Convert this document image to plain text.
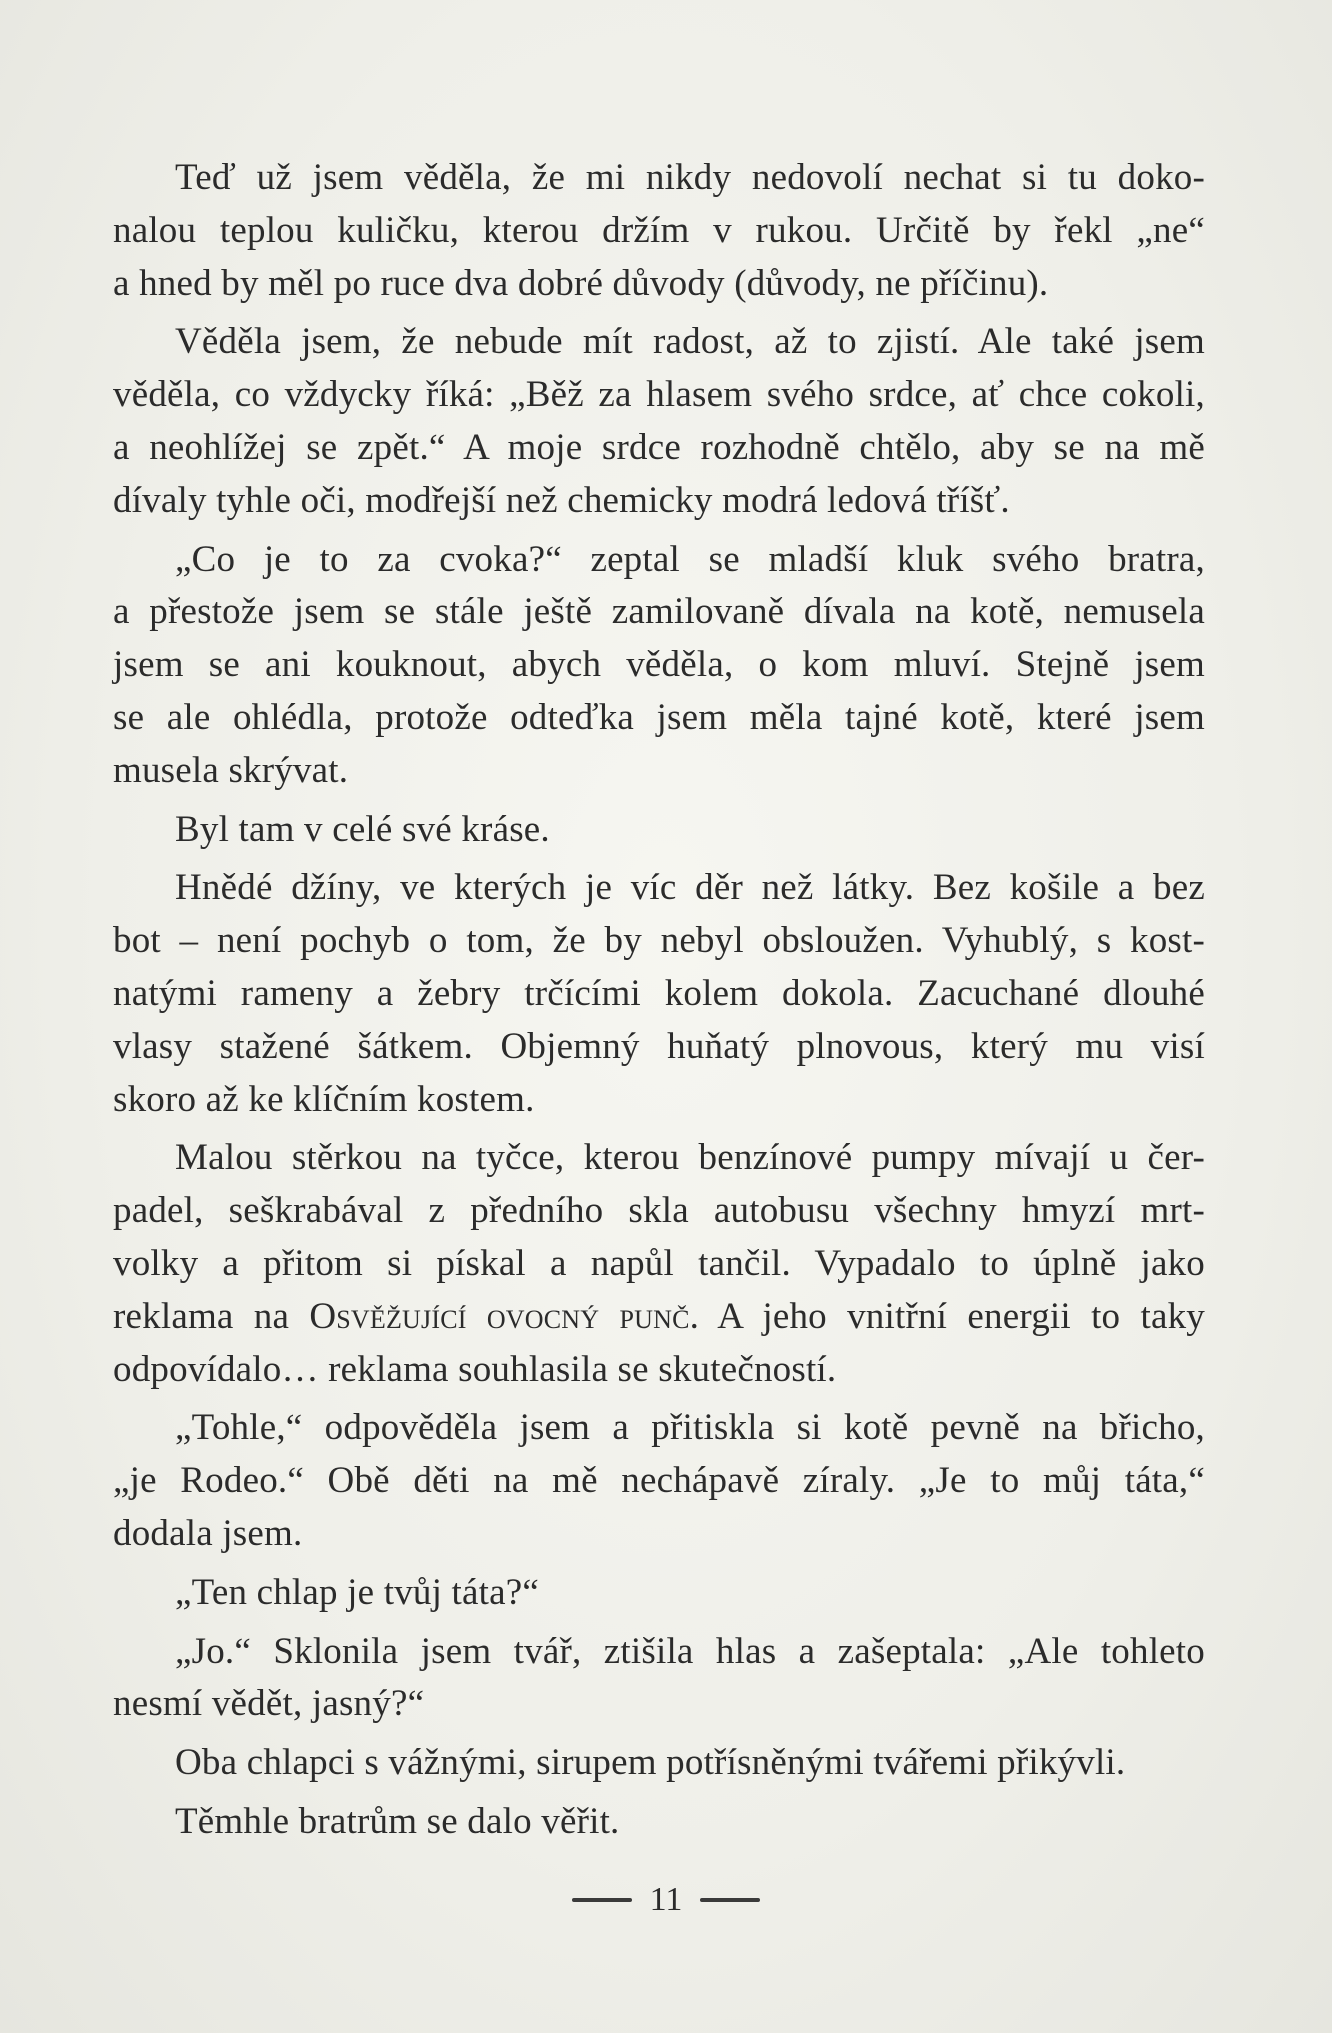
Teď už jsem věděla, že mi nikdy nedovolí nechat si tu doko-
nalou teplou kuličku, kterou držím v rukou. Určitě by řekl „ne“
a hned by měl po ruce dva dobré důvody (důvody, ne příčinu).
Věděla jsem, že nebude mít radost, až to zjistí. Ale také jsem
věděla, co vždycky říká: „Běž za hlasem svého srdce, ať chce cokoli,
a neohlížej se zpět.“ A moje srdce rozhodně chtělo, aby se na mě
dívaly tyhle oči, modřejší než chemicky modrá ledová tříšť.
„Co je to za cvoka?“ zeptal se mladší kluk svého bratra,
a přestože jsem se stále ještě zamilovaně dívala na kotě, nemusela
jsem se ani kouknout, abych věděla, o kom mluví. Stejně jsem
se ale ohlédla, protože odteďka jsem měla tajné kotě, které jsem
musela skrývat.
Byl tam v celé své kráse.
Hnědé džíny, ve kterých je víc děr než látky. Bez košile a bez
bot – není pochyb o tom, že by nebyl obsloužen. Vyhublý, s kost-
natými rameny a žebry trčícími kolem dokola. Zacuchané dlouhé
vlasy stažené šátkem. Objemný huňatý plnovous, který mu visí
skoro až ke klíčním kostem.
Malou stěrkou na tyčce, kterou benzínové pumpy mívají u čer-
padel, seškrabával z předního skla autobusu všechny hmyzí mrt-
volky a přitom si pískal a napůl tančil. Vypadalo to úplně jako
reklama na Osvěžující ovocný punč. A jeho vnitřní energii to taky
odpovídalo… reklama souhlasila se skutečností.
„Tohle,“ odpověděla jsem a přitiskla si kotě pevně na břicho,
„je Rodeo.“ Obě děti na mě nechápavě zíraly. „Je to můj táta,“
dodala jsem.
„Ten chlap je tvůj táta?“
„Jo.“ Sklonila jsem tvář, ztišila hlas a zašeptala: „Ale tohleto
nesmí vědět, jasný?“
Oba chlapci s vážnými, sirupem potřísněnými tvářemi přikývli.
Těmhle bratrům se dalo věřit.
11
